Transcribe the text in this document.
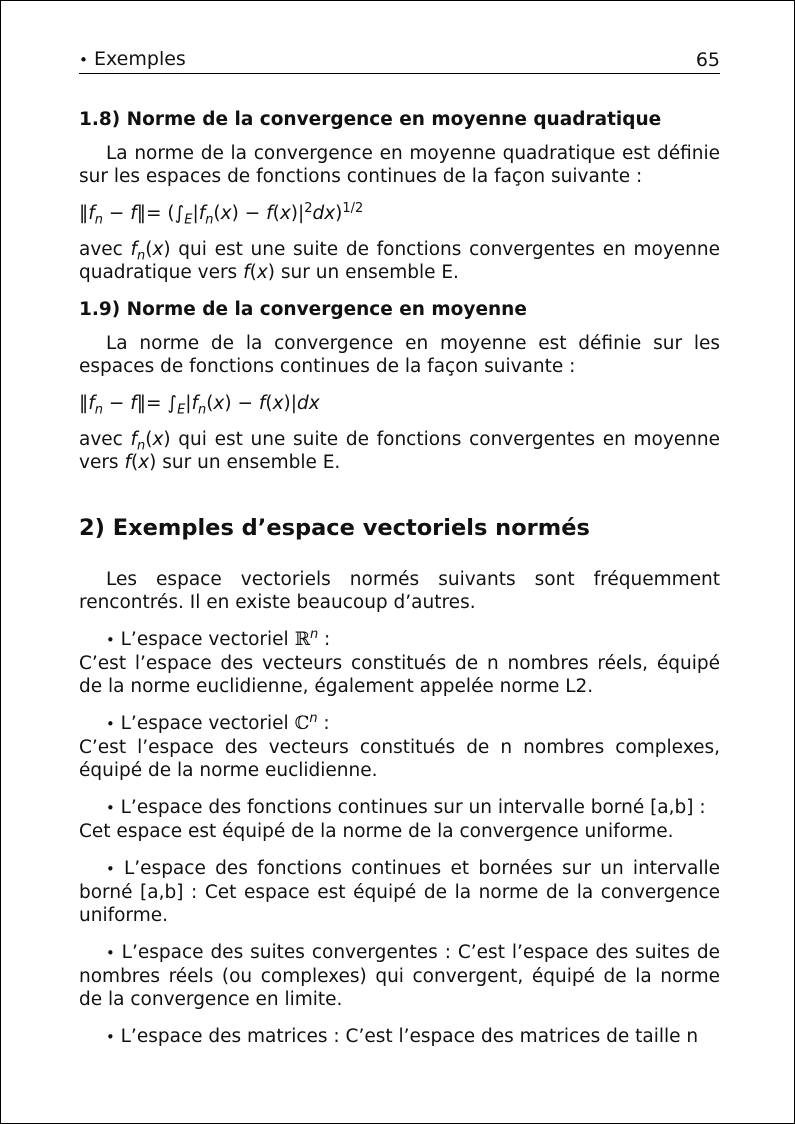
• Exemples	65
1.8) Norme de la convergence en moyenne quadratique

La norme de la convergence en moyenne quadratique est définie sur les espaces de fonctions continues de la façon suivante :

$‖f_n$ − f‖= $(\int_E|f_n(x) - f(x)|^2dx)^{1/2}$

avec $f_n(x)$ qui est une suite de fonctions convergentes en moyenne quadratique vers f(x) sur un ensemble E.

1.9) Norme de la convergence en moyenne

La norme de la convergence en moyenne est définie sur les espaces de fonctions continues de la façon suivante :

$‖f_n$ − f‖= $\int_E|f_n(x) - f(x)|dx$

avec $f_n(x)$ qui est une suite de fonctions convergentes en moyenne vers f(x) sur un ensemble E.

2) Exemples d’espace vectoriels normés

Les espace vectoriels normés suivants sont fréquemment rencontrés. Il en existe beaucoup d’autres.

• L’espace vectoriel ℝ$^n$ :

C’est l’espace des vecteurs constitués de n nombres réels, équipé de la norme euclidienne, également appelée norme L2.

• L’espace vectoriel ℂ$^n$ :

C’est l’espace des vecteurs constitués de n nombres complexes, équipé de la norme euclidienne.

• L’espace des fonctions continues sur un intervalle borné [a,b] :

Cet espace est équipé de la norme de la convergence uniforme.

• L’espace des fonctions continues et bornées sur un intervalle borné [a,b] : Cet espace est équipé de la norme de la convergence uniforme.

• L’espace des suites convergentes : C’est l’espace des suites de nombres réels (ou complexes) qui convergent, équipé de la norme de la convergence en limite.

• L’espace des matrices : C’est l’espace des matrices de taille n
